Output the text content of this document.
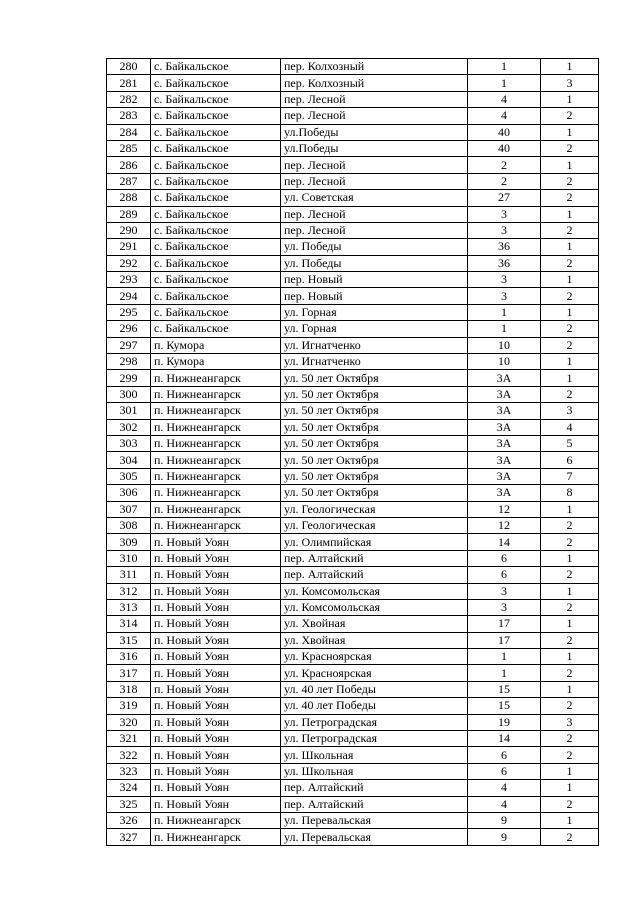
280	с. Байкальское	пер. Колхозный	1	1
281	с. Байкальское	пер. Колхозный	1	3
282	с. Байкальское	пер. Лесной	4	1
283	с. Байкальское	пер. Лесной	4	2
284	с. Байкальское	ул.Победы	40	1
285	с. Байкальское	ул.Победы	40	2
286	с. Байкальское	пер. Лесной	2	1
287	с. Байкальское	пер. Лесной	2	2
288	с. Байкальское	ул. Советская	27	2
289	с. Байкальское	пер. Лесной	3	1
290	с. Байкальское	пер. Лесной	3	2
291	с. Байкальское	ул. Победы	36	1
292	с. Байкальское	ул. Победы	36	2
293	с. Байкальское	пер. Новый	3	1
294	с. Байкальское	пер. Новый	3	2
295	с. Байкальское	ул. Горная	1	1
296	с. Байкальское	ул. Горная	1	2
297	п. Кумора	ул. Игнатченко	10	2
298	п. Кумора	ул. Игнатченко	10	1
299	п. Нижнеангарск	ул. 50 лет Октября	3А	1
300	п. Нижнеангарск	ул. 50 лет Октября	3А	2
301	п. Нижнеангарск	ул. 50 лет Октября	3А	3
302	п. Нижнеангарск	ул. 50 лет Октября	3А	4
303	п. Нижнеангарск	ул. 50 лет Октября	3А	5
304	п. Нижнеангарск	ул. 50 лет Октября	3А	6
305	п. Нижнеангарск	ул. 50 лет Октября	3А	7
306	п. Нижнеангарск	ул. 50 лет Октября	3А	8
307	п. Нижнеангарск	ул. Геологическая	12	1
308	п. Нижнеангарск	ул. Геологическая	12	2
309	п. Новый Уоян	ул. Олимпийская	14	2
310	п. Новый Уоян	пер. Алтайский	6	1
311	п. Новый Уоян	пер. Алтайский	6	2
312	п. Новый Уоян	ул. Комсомольская	3	1
313	п. Новый Уоян	ул. Комсомольская	3	2
314	п. Новый Уоян	ул. Хвойная	17	1
315	п. Новый Уоян	ул. Хвойная	17	2
316	п. Новый Уоян	ул. Красноярская	1	1
317	п. Новый Уоян	ул. Красноярская	1	2
318	п. Новый Уоян	ул. 40 лет Победы	15	1
319	п. Новый Уоян	ул. 40 лет Победы	15	2
320	п. Новый Уоян	ул. Петроградская	19	3
321	п. Новый Уоян	ул. Петроградская	14	2
322	п. Новый Уоян	ул. Школьная	6	2
323	п. Новый Уоян	ул. Школьная	6	1
324	п. Новый Уоян	пер. Алтайский	4	1
325	п. Новый Уоян	пер. Алтайский	4	2
326	п. Нижнеангарск	ул. Перевальская	9	1
327	п. Нижнеангарск	ул. Перевальская	9	2
